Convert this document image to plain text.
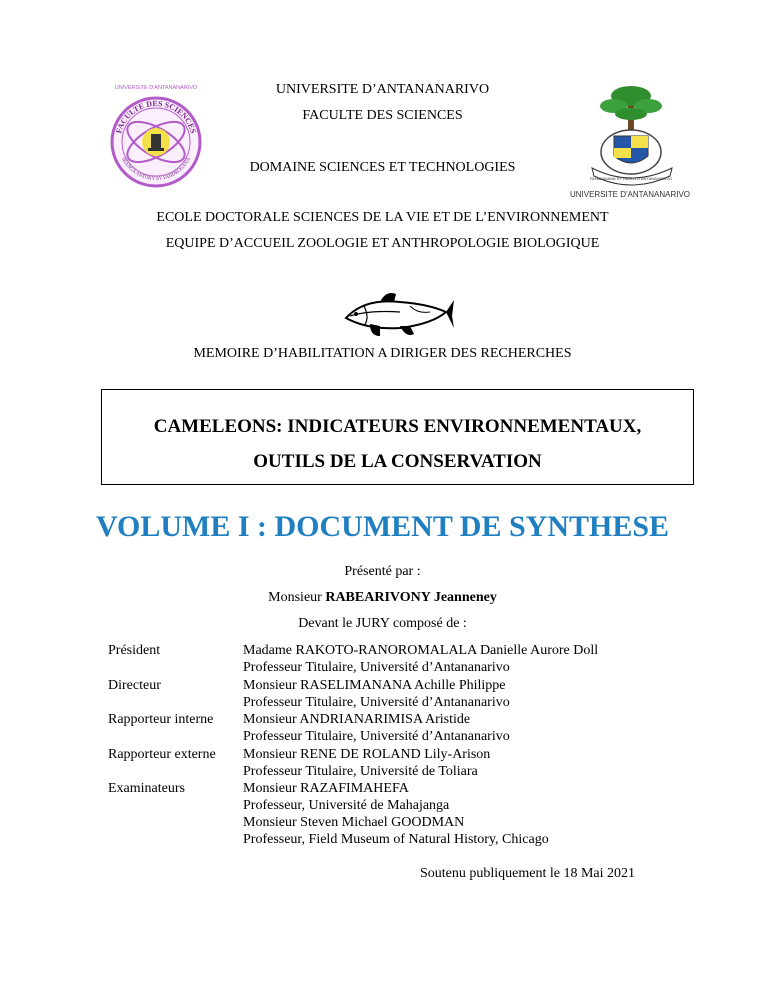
UNIVERSITE D'ANTANANARIVO
FACULTE DES SCIENCES
HIANGA ANTOKY SY FAHDROGANA
FAHAZAVANA SY HAHOTO ANTANANARIVO
UNIVERSITE D'ANTANANARIVO
UNIVERSITE D’ANTANANARIVO
FACULTE DES SCIENCES
DOMAINE SCIENCES ET TECHNOLOGIES
ECOLE DOCTORALE SCIENCES DE LA VIE ET DE L’ENVIRONNEMENT
EQUIPE D’ACCUEIL ZOOLOGIE ET ANTHROPOLOGIE BIOLOGIQUE
MEMOIRE D’HABILITATION A DIRIGER DES RECHERCHES
CAMELEONS: INDICATEURS ENVIRONNEMENTAUX,
OUTILS DE LA CONSERVATION
VOLUME I : DOCUMENT DE SYNTHESE
Présenté par :
Monsieur RABEARIVONY Jeanneney
Devant le JURY composé de :
Président	Madame RAKOTO-RANOROMALALA Danielle Aurore Doll
Professeur Titulaire, Université d’Antananarivo
Directeur	Monsieur RASELIMANANA Achille Philippe
Professeur Titulaire, Université d’Antananarivo
Rapporteur interne Monsieur ANDRIANARIMISA Aristide
Professeur Titulaire, Université d’Antananarivo
Rapporteur externe Monsieur RENE DE ROLAND Lily-Arison
Professeur Titulaire, Université de Toliara
Examinateurs	Monsieur RAZAFIMAHEFA
Professeur, Université de Mahajanga
Monsieur Steven Michael GOODMAN
Professeur, Field Museum of Natural History, Chicago
Soutenu publiquement le 18 Mai 2021
